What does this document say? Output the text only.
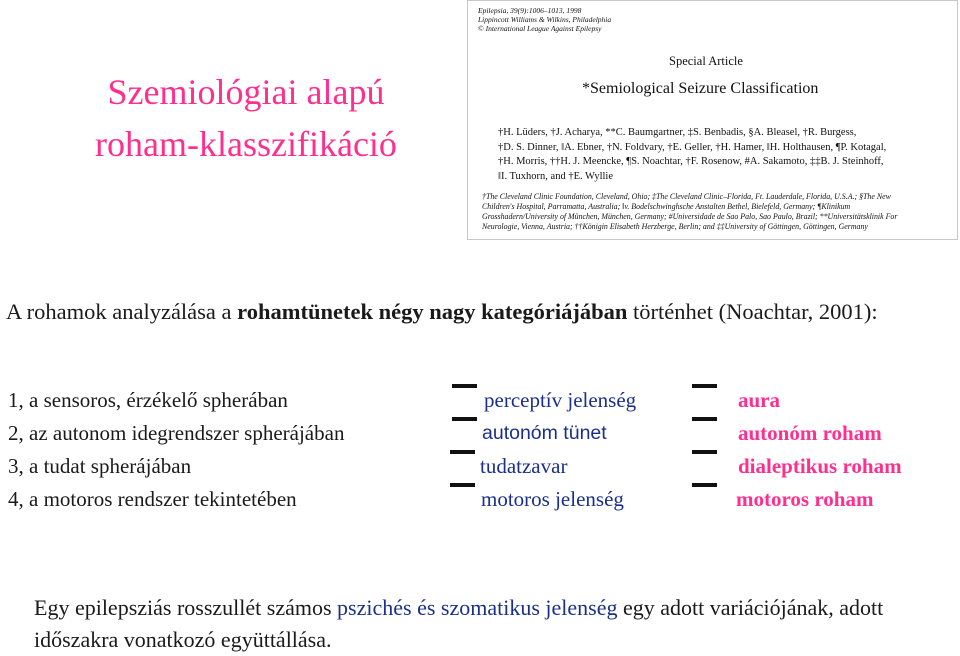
Szemiológiai alapú
roham-klasszifikáció
Epilepsia, 39(9):1006–1013, 1998
Lippincott Williams & Wilkins, Philadelphia
© International League Against Epilepsy
Special Article
*Semiological Seizure Classification
†H. Lüders, †J. Acharya, **C. Baumgartner, ‡S. Benbadis, §A. Bleasel, †R. Burgess,
†D. S. Dinner, ‖A. Ebner, †N. Foldvary, †E. Geller, †H. Hamer, ‖H. Holthausen, ¶P. Kotagal,
†H. Morris, ††H. J. Meencke, ¶S. Noachtar, †F. Rosenow, #A. Sakamoto, ‡‡B. J. Steinhoff,
‖I. Tuxhorn, and †E. Wyllie
†The Cleveland Clinic Foundation, Cleveland, Ohio; ‡The Cleveland Clinic–Florida, Ft. Lauderdale, Florida, U.S.A.; §The New
Children's Hospital, Parramatta, Australia; ‖v. Bodelschwinghsche Anstalten Bethel, Bielefeld, Germany; ¶Klinikum
Grosshadern/University of München, München, Germany; #Universidade de Sao Palo, Sao Paulo, Brazil; **Universitätsklinik For
Neurologie, Vienna, Austria; ††Königin Elisabeth Herzberge, Berlin; and ‡‡University of Göttingen, Göttingen, Germany
A rohamok analyzálása a rohamtünetek négy nagy kategóriájában történhet (Noachtar, 2001):
1, a sensoros, érzékelő spherában	perceptív jelenség	aura
2, az autonom idegrendszer spherájában	autonóm tünet	autonóm roham
3, a tudat spherájában	tudatzavar	dialeptikus roham
4, a motoros rendszer tekintetében	motoros jelenség	motoros roham
Egy epilepsziás rosszullét számos pszichés és szomatikus jelenség egy adott variációjának, adott időszakra vonatkozó együttállása.
